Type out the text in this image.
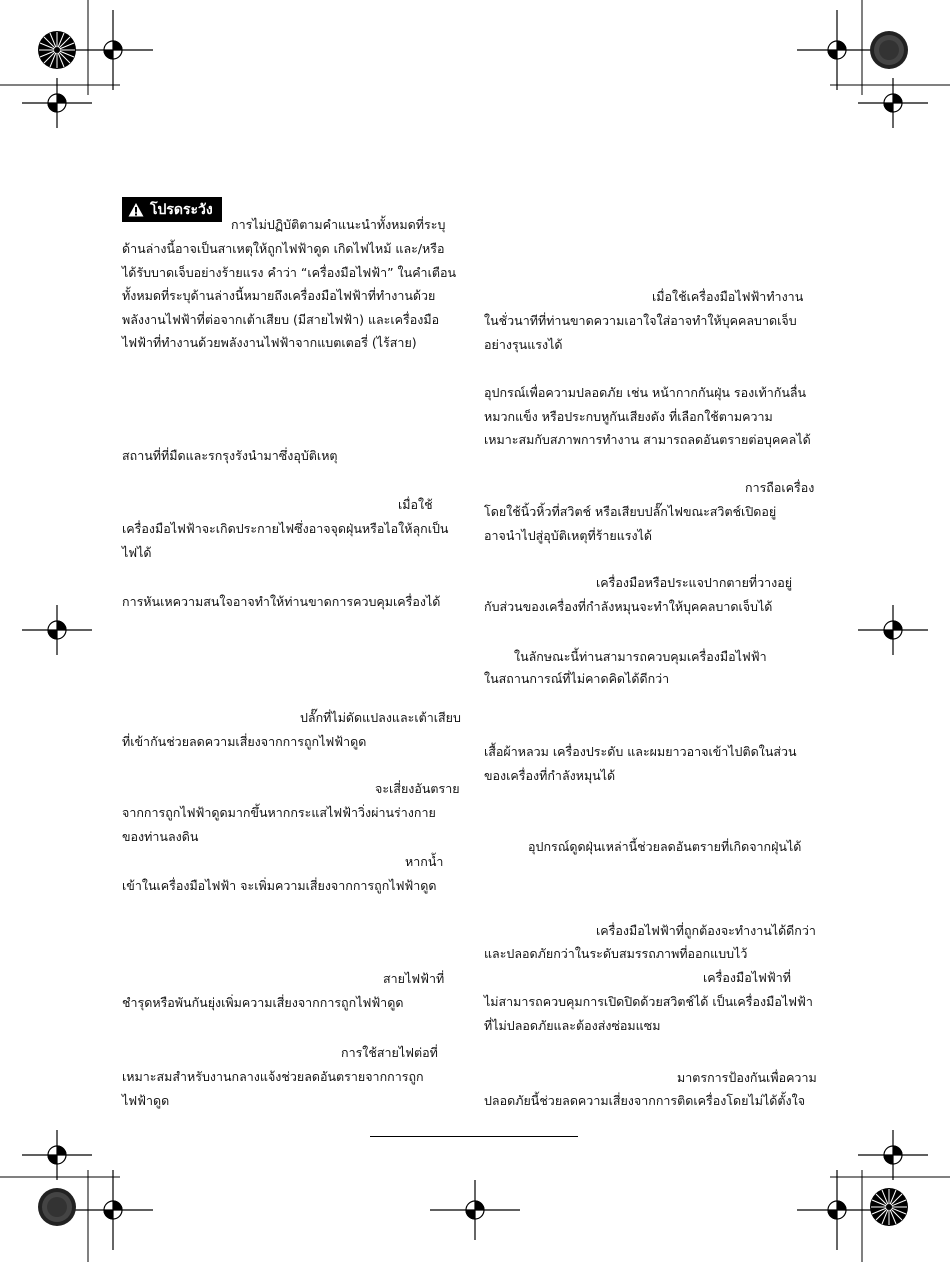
โปรดระวัง
การไม่ปฏิบัติตามคำแนะนำทั้งหมดที่ระบุ
ด้านล่างนี้อาจเป็นสาเหตุให้ถูกไฟฟ้าดูด เกิดไฟไหม้ และ/หรือ
ได้รับบาดเจ็บอย่างร้ายแรง คำว่า “เครื่องมือไฟฟ้า” ในคำเตือน
ทั้งหมดที่ระบุด้านล่างนี้หมายถึงเครื่องมือไฟฟ้าที่ทำงานด้วย
พลังงานไฟฟ้าที่ต่อจากเต้าเสียบ (มีสายไฟฟ้า) และเครื่องมือ
ไฟฟ้าที่ทำงานด้วยพลังงานไฟฟ้าจากแบตเตอรี่ (ไร้สาย)
สถานที่ที่มืดและรกรุงรังนำมาซึ่งอุบัติเหตุ
เมื่อใช้
เครื่องมือไฟฟ้าจะเกิดประกายไฟซึ่งอาจจุดฝุ่นหรือไอให้ลุกเป็น
ไฟได้
การหันเหความสนใจอาจทำให้ท่านขาดการควบคุมเครื่องได้
ปลั๊กที่ไม่ดัดแปลงและเต้าเสียบ
ที่เข้ากันช่วยลดความเสี่ยงจากการถูกไฟฟ้าดูด
จะเสี่ยงอันตราย
จากการถูกไฟฟ้าดูดมากขึ้นหากกระแสไฟฟ้าวิ่งผ่านร่างกาย
ของท่านลงดิน
หากน้ำ
เข้าในเครื่องมือไฟฟ้า จะเพิ่มความเสี่ยงจากการถูกไฟฟ้าดูด
สายไฟฟ้าที่
ชำรุดหรือพันกันยุ่งเพิ่มความเสี่ยงจากการถูกไฟฟ้าดูด
การใช้สายไฟต่อที่
เหมาะสมสำหรับงานกลางแจ้งช่วยลดอันตรายจากการถูก
ไฟฟ้าดูด
เมื่อใช้เครื่องมือไฟฟ้าทำงาน
ในชั่วนาทีที่ท่านขาดความเอาใจใส่อาจทำให้บุคคลบาดเจ็บ
อย่างรุนแรงได้
อุปกรณ์เพื่อความปลอดภัย เช่น หน้ากากกันฝุ่น รองเท้ากันลื่น
หมวกแข็ง หรือประกบหูกันเสียงดัง ที่เลือกใช้ตามความ
เหมาะสมกับสภาพการทำงาน สามารถลดอันตรายต่อบุคคลได้
การถือเครื่อง
โดยใช้นิ้วหิ้วที่สวิตช์ หรือเสียบปลั๊กไฟขณะสวิตช์เปิดอยู่
อาจนำไปสู่อุบัติเหตุที่ร้ายแรงได้
เครื่องมือหรือประแจปากตายที่วางอยู่
กับส่วนของเครื่องที่กำลังหมุนจะทำให้บุคคลบาดเจ็บได้
ในลักษณะนี้ท่านสามารถควบคุมเครื่องมือไฟฟ้า
ในสถานการณ์ที่ไม่คาดคิดได้ดีกว่า
เสื้อผ้าหลวม เครื่องประดับ และผมยาวอาจเข้าไปติดในส่วน
ของเครื่องที่กำลังหมุนได้
อุปกรณ์ดูดฝุ่นเหล่านี้ช่วยลดอันตรายที่เกิดจากฝุ่นได้
เครื่องมือไฟฟ้าที่ถูกต้องจะทำงานได้ดีกว่า
และปลอดภัยกว่าในระดับสมรรถภาพที่ออกแบบไว้
เครื่องมือไฟฟ้าที่
ไม่สามารถควบคุมการเปิดปิดด้วยสวิตช์ได้ เป็นเครื่องมือไฟฟ้า
ที่ไม่ปลอดภัยและต้องส่งซ่อมแซม
มาตรการป้องกันเพื่อความ
ปลอดภัยนี้ช่วยลดความเสี่ยงจากการติดเครื่องโดยไม่ได้ตั้งใจ
